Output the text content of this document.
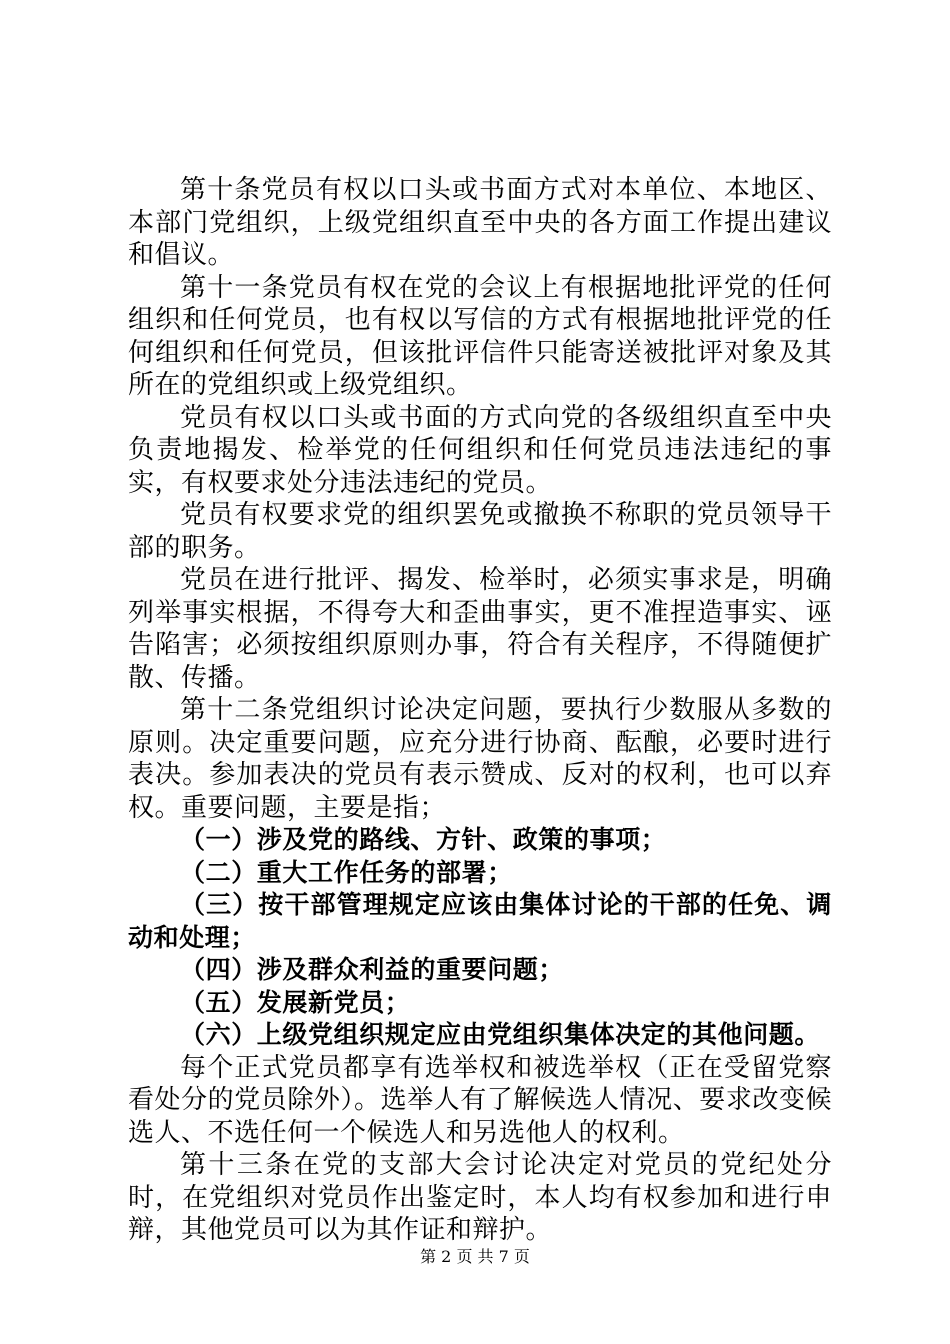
第十条党员有权以口头或书面方式对本单位、本地区、本部门党组织，上级党组织直至中央的各方面工作提出建议和倡议。

第十一条党员有权在党的会议上有根据地批评党的任何组织和任何党员，也有权以写信的方式有根据地批评党的任何组织和任何党员，但该批评信件只能寄送被批评对象及其所在的党组织或上级党组织。

党员有权以口头或书面的方式向党的各级组织直至中央负责地揭发、检举党的任何组织和任何党员违法违纪的事实，有权要求处分违法违纪的党员。

党员有权要求党的组织罢免或撤换不称职的党员领导干部的职务。

党员在进行批评、揭发、检举时，必须实事求是，明确列举事实根据，不得夸大和歪曲事实，更不准捏造事实、诬告陷害；必须按组织原则办事，符合有关程序，不得随便扩散、传播。

第十二条党组织讨论决定问题，要执行少数服从多数的原则。决定重要问题，应充分进行协商、酝酿，必要时进行表决。参加表决的党员有表示赞成、反对的权利，也可以弃权。重要问题，主要是指；

（一）涉及党的路线、方针、政策的事项；

（二）重大工作任务的部署；

（三）按干部管理规定应该由集体讨论的干部的任免、调动和处理；

（四）涉及群众利益的重要问题；

（五）发展新党员；

（六）上级党组织规定应由党组织集体决定的其他问题。

每个正式党员都享有选举权和被选举权（正在受留党察看处分的党员除外）。选举人有了解候选人情况、要求改变候选人、不选任何一个候选人和另选他人的权利。

第十三条在党的支部大会讨论决定对党员的党纪处分时，在党组织对党员作出鉴定时，本人均有权参加和进行申辩，其他党员可以为其作证和辩护。

第 2 页 共 7 页
